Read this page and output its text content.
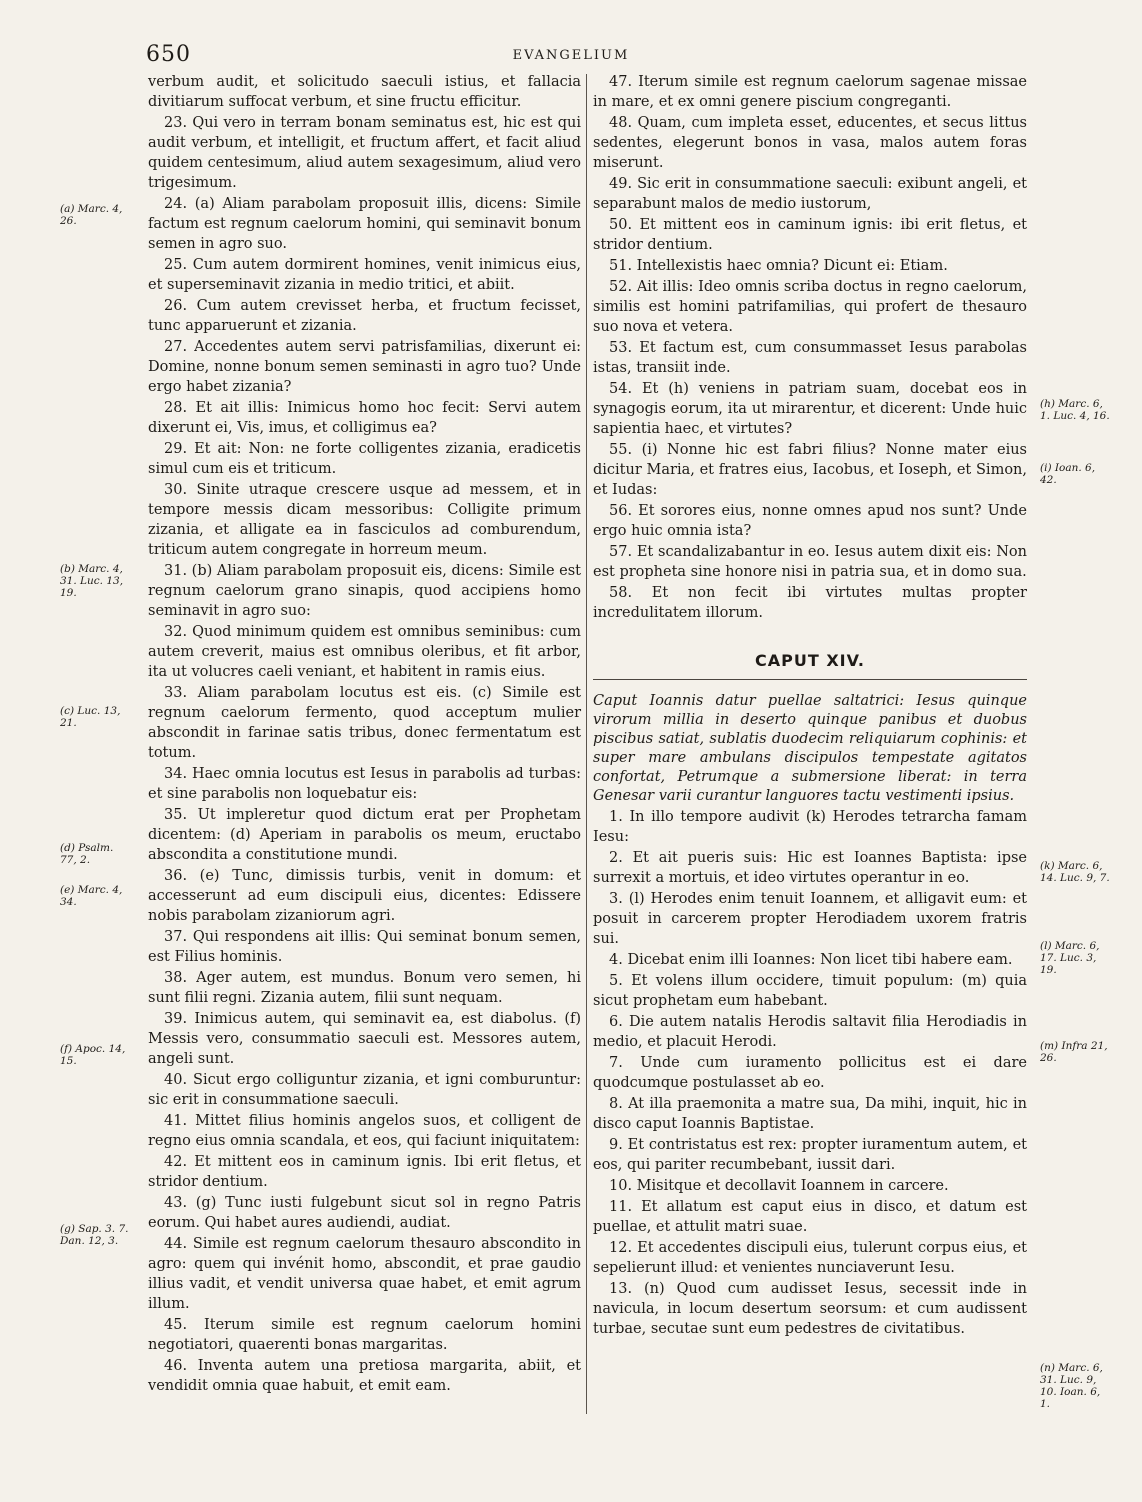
650	EVANGELIUM

verbum audit, et solicitudo saeculi istius, et fallacia divitiarum suffocat verbum, et sine fructu efficitur.

23. Qui vero in terram bonam seminatus est, hic est qui audit verbum, et intelligit, et fructum affert, et facit aliud quidem centesimum, aliud autem sexagesimum, aliud vero trigesimum.

24. (a) Aliam parabolam proposuit illis, dicens: Simile factum est regnum caelorum homini, qui seminavit bonum semen in agro suo.

25. Cum autem dormirent homines, venit inimicus eius, et superseminavit zizania in medio tritici, et abiit.

26. Cum autem crevisset herba, et fructum fecisset, tunc apparuerunt et zizania.

27. Accedentes autem servi patrisfamilias, dixerunt ei: Domine, nonne bonum semen seminasti in agro tuo? Unde ergo habet zizania?

28. Et ait illis: Inimicus homo hoc fecit: Servi autem dixerunt ei, Vis, imus, et colligimus ea?

29. Et ait: Non: ne forte colligentes zizania, eradicetis simul cum eis et triticum.

30. Sinite utraque crescere usque ad messem, et in tempore messis dicam messoribus: Colligite primum zizania, et alligate ea in fasciculos ad comburendum, triticum autem congregate in horreum meum.

31. (b) Aliam parabolam proposuit eis, dicens: Simile est regnum caelorum grano sinapis, quod accipiens homo seminavit in agro suo:

32. Quod minimum quidem est omnibus seminibus: cum autem creverit, maius est omnibus oleribus, et fit arbor, ita ut volucres caeli veniant, et habitent in ramis eius.

33. Aliam parabolam locutus est eis. (c) Simile est regnum caelorum fermento, quod acceptum mulier abscondit in farinae satis tribus, donec fermentatum est totum.

34. Haec omnia locutus est Iesus in parabolis ad turbas: et sine parabolis non loquebatur eis:

35. Ut impleretur quod dictum erat per Prophetam dicentem: (d) Aperiam in parabolis os meum, eructabo abscondita a constitutione mundi.

36. (e) Tunc, dimissis turbis, venit in domum: et accesserunt ad eum discipuli eius, dicentes: Edissere nobis parabolam zizaniorum agri.

37. Qui respondens ait illis: Qui seminat bonum semen, est Filius hominis.

38. Ager autem, est mundus. Bonum vero semen, hi sunt filii regni. Zizania autem, filii sunt nequam.

39. Inimicus autem, qui seminavit ea, est diabolus. (f) Messis vero, consummatio saeculi est. Messores autem, angeli sunt.

40. Sicut ergo colliguntur zizania, et igni comburuntur: sic erit in consummatione saeculi.

41. Mittet filius hominis angelos suos, et colligent de regno eius omnia scandala, et eos, qui faciunt iniquitatem:

42. Et mittent eos in caminum ignis. Ibi erit fletus, et stridor dentium.

43. (g) Tunc iusti fulgebunt sicut sol in regno Patris eorum. Qui habet aures audiendi, audiat.

44. Simile est regnum caelorum thesauro abscondito in agro: quem qui invénit homo, abscondit, et prae gaudio illius vadit, et vendit universa quae habet, et emit agrum illum.

45. Iterum simile est regnum caelorum homini negotiatori, quaerenti bonas margaritas.

46. Inventa autem una pretiosa margarita, abiit, et vendidit omnia quae habuit, et emit eam.

47. Iterum simile est regnum caelorum sagenae missae in mare, et ex omni genere piscium congreganti.

48. Quam, cum impleta esset, educentes, et secus littus sedentes, elegerunt bonos in vasa, malos autem foras miserunt.

49. Sic erit in consummatione saeculi: exibunt angeli, et separabunt malos de medio iustorum,

50. Et mittent eos in caminum ignis: ibi erit fletus, et stridor dentium.

51. Intellexistis haec omnia? Dicunt ei: Etiam.

52. Ait illis: Ideo omnis scriba doctus in regno caelorum, similis est homini patrifamilias, qui profert de thesauro suo nova et vetera.

53. Et factum est, cum consummasset Iesus parabolas istas, transiit inde.

54. Et (h) veniens in patriam suam, docebat eos in synagogis eorum, ita ut mirarentur, et dicerent: Unde huic sapientia haec, et virtutes?

55. (i) Nonne hic est fabri filius? Nonne mater eius dicitur Maria, et fratres eius, Iacobus, et Ioseph, et Simon, et Iudas:

56. Et sorores eius, nonne omnes apud nos sunt? Unde ergo huic omnia ista?

57. Et scandalizabantur in eo. Iesus autem dixit eis: Non est propheta sine honore nisi in patria sua, et in domo sua.

58. Et non fecit ibi virtutes multas propter incredulitatem illorum.

CAPUT XIV.

Caput Ioannis datur puellae saltatrici: Iesus quinque virorum millia in deserto quinque panibus et duobus piscibus satiat, sublatis duodecim reliquiarum cophinis: et super mare ambulans discipulos tempestate agitatos confortat, Petrumque a submersione liberat: in terra Genesar varii curantur languores tactu vestimenti ipsius.

1. In illo tempore audivit (k) Herodes tetrarcha famam Iesu:

2. Et ait pueris suis: Hic est Ioannes Baptista: ipse surrexit a mortuis, et ideo virtutes operantur in eo.

3. (l) Herodes enim tenuit Ioannem, et alligavit eum: et posuit in carcerem propter Herodiadem uxorem fratris sui.

4. Dicebat enim illi Ioannes: Non licet tibi habere eam.

5. Et volens illum occidere, timuit populum: (m) quia sicut prophetam eum habebant.

6. Die autem natalis Herodis saltavit filia Herodiadis in medio, et placuit Herodi.

7. Unde cum iuramento pollicitus est ei dare quodcumque postulasset ab eo.

8. At illa praemonita a matre sua, Da mihi, inquit, hic in disco caput Ioannis Baptistae.

9. Et contristatus est rex: propter iuramentum autem, et eos, qui pariter recumbebant, iussit dari.

10. Misitque et decollavit Ioannem in carcere.

11. Et allatum est caput eius in disco, et datum est puellae, et attulit matri suae.

12. Et accedentes discipuli eius, tulerunt corpus eius, et sepelierunt illud: et venientes nunciaverunt Iesu.

13. (n) Quod cum audisset Iesus, secessit inde in navicula, in locum desertum seorsum: et cum audissent turbae, secutae sunt eum pedestres de civitatibus.

(a) Marc. 4, 26.
(b) Marc. 4, 31. Luc. 13, 19.
(c) Luc. 13, 21.
(d) Psalm. 77, 2.
(e) Marc. 4, 34.
(f) Apoc. 14, 15.
(g) Sap. 3. 7. Dan. 12, 3.
(h) Marc. 6, 1. Luc. 4, 16.
(i) Ioan. 6, 42.
(k) Marc. 6, 14. Luc. 9, 7.
(l) Marc. 6, 17. Luc. 3, 19.
(m) Infra 21, 26.
(n) Marc. 6, 31. Luc. 9, 10. Ioan. 6, 1.
